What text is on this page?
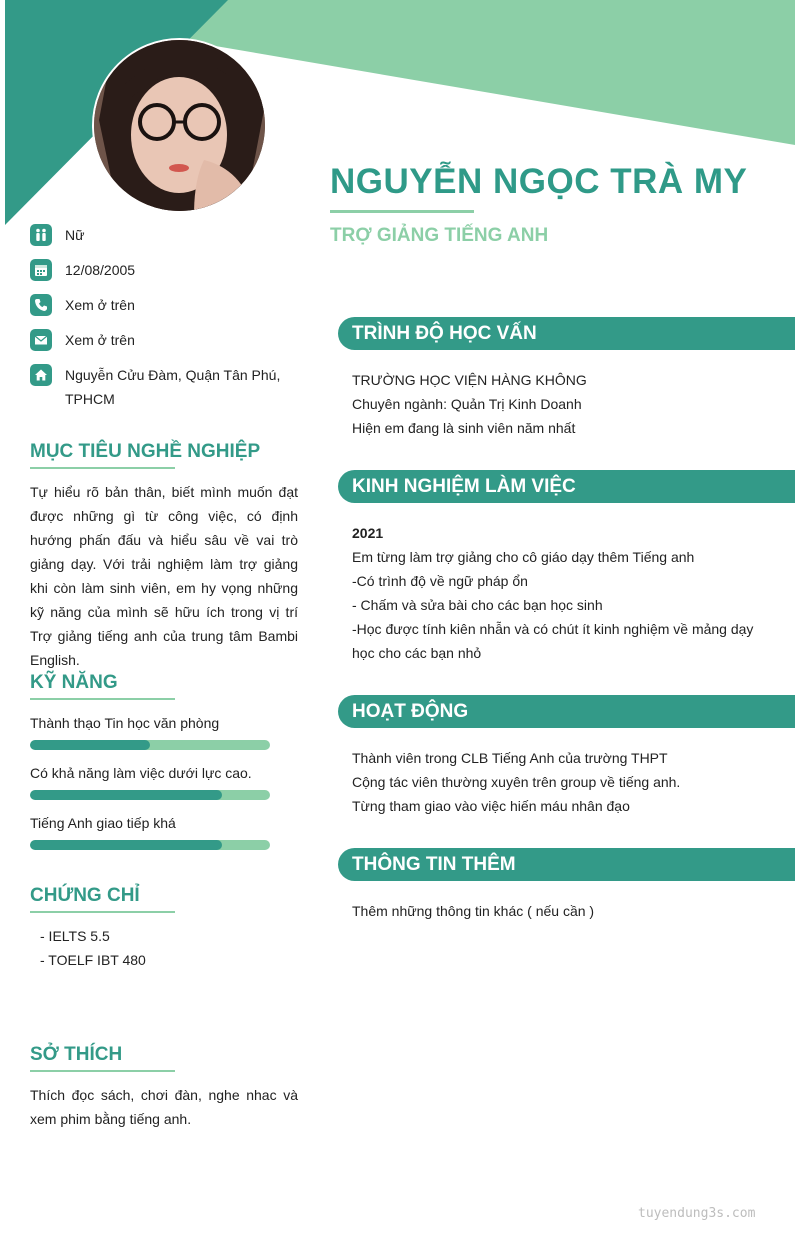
NGUYỄN NGỌC TRÀ MY
TRỢ GIẢNG TIẾNG ANH
Nữ
12/08/2005
Xem ở trên
Xem ở trên
Nguyễn Cửu Đàm, Quận Tân Phú, TPHCM
MỤC TIÊU NGHỀ NGHIỆP
Tự hiểu rõ bản thân, biết mình muốn đạt được những gì từ công việc, có định hướng phấn đấu và hiểu sâu về vai trò giảng dạy. Với trải nghiệm làm trợ giảng khi còn làm sinh viên, em hy vọng những kỹ năng của mình sẽ hữu ích trong vị trí Trợ giảng tiếng anh của trung tâm Bambi English.
KỸ NĂNG
Thành thạo Tin học văn phòng
Có khả năng làm việc dưới lực cao.
Tiếng Anh giao tiếp khá
CHỨNG CHỈ
- IELTS 5.5
- TOELF IBT 480
SỞ THÍCH
Thích đọc sách, chơi đàn, nghe nhac và xem phim bằng tiếng anh.
TRÌNH ĐỘ HỌC VẤN
TRƯỜNG HỌC VIỆN HÀNG KHÔNG
Chuyên ngành: Quản Trị Kinh Doanh
Hiện em đang là sinh viên năm nhất
KINH NGHIỆM LÀM VIỆC
2021
Em từng làm trợ giảng cho cô giáo dạy thêm Tiếng anh
-Có trình độ về ngữ pháp ổn
- Chấm và sửa bài cho các bạn học sinh
-Học được tính kiên nhẫn và có chút ít kinh nghiệm về mảng dạy học cho các bạn nhỏ
HOẠT ĐỘNG
Thành viên trong CLB Tiếng Anh của trường THPT
Cộng tác viên thường xuyên trên group về tiếng anh.
Từng tham giao vào việc hiến máu nhân đạo
THÔNG TIN THÊM
Thêm những thông tin khác ( nếu cần )
tuyendung3s.com
